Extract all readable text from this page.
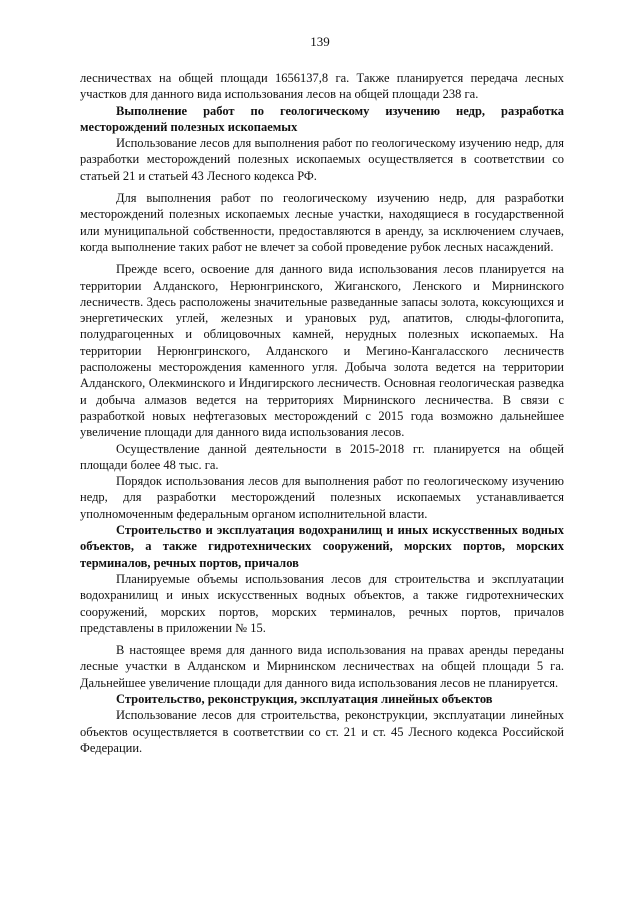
139

лесничествах на общей площади 1656137,8 га. Также планируется передача лесных участков для данного вида использования лесов на общей площади 238 га.

Выполнение работ по геологическому изучению недр, разработка месторождений полезных ископаемых

Использование лесов для выполнения работ по геологическому изучению недр, для разработки месторождений полезных ископаемых осуществляется в соответствии со статьей 21 и статьей 43 Лесного кодекса РФ.

Для выполнения работ по геологическому изучению недр, для разработки месторождений полезных ископаемых лесные участки, находящиеся в государственной или муниципальной собственности, предоставляются в аренду, за исключением случаев, когда выполнение таких работ не влечет за собой проведение рубок лесных насаждений.

Прежде всего, освоение для данного вида использования лесов планируется на территории Алданского, Нерюнгринского, Жиганского, Ленского и Мирнинского лесничеств. Здесь расположены значительные разведанные запасы золота, коксующихся и энергетических углей, железных и урановых руд, апатитов, слюды-флогопита, полудрагоценных и облицовочных камней, нерудных полезных ископаемых. На территории Нерюнгринского, Алданского и Мегино-Кангаласского лесничеств расположены месторождения каменного угля. Добыча золота ведется на территории Алданского, Олекминского и Индигирского лесничеств. Основная геологическая разведка и добыча алмазов ведется на территориях Мирнинского лесничества. В связи с разработкой новых нефтегазовых месторождений с 2015 года возможно дальнейшее увеличение площади для данного вида использования лесов.

Осуществление данной деятельности в 2015-2018 гг. планируется на общей площади более 48 тыс. га.

Порядок использования лесов для выполнения работ по геологическому изучению недр, для разработки месторождений полезных ископаемых устанавливается уполномоченным федеральным органом исполнительной власти.

Строительство и эксплуатация водохранилищ и иных искусственных водных объектов, а также гидротехнических сооружений, морских портов, морских терминалов, речных портов, причалов

Планируемые объемы использования лесов для строительства и эксплуатации водохранилищ и иных искусственных водных объектов, а также гидротехнических сооружений, морских портов, морских терминалов, речных портов, причалов представлены в приложении № 15.

В настоящее время для данного вида использования на правах аренды переданы лесные участки в Алданском и Мирнинском лесничествах на общей площади 5 га. Дальнейшее увеличение площади для данного вида использования лесов не планируется.

Строительство, реконструкция, эксплуатация линейных объектов

Использование лесов для строительства, реконструкции, эксплуатации линейных объектов осуществляется в соответствии со ст. 21 и ст. 45 Лесного кодекса Российской Федерации.
